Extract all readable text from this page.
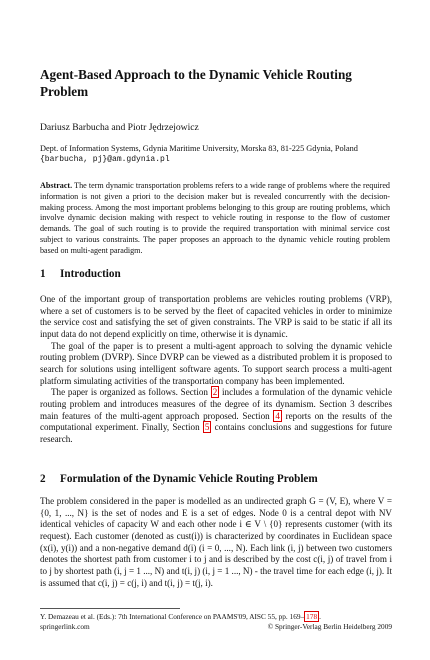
Agent-Based Approach to the Dynamic Vehicle Routing Problem
Dariusz Barbucha and Piotr Jędrzejowicz
Dept. of Information Systems, Gdynia Maritime University, Morska 83, 81-225 Gdynia, Poland
{barbucha, pj}@am.gdynia.pl
Abstract. The term dynamic transportation problems refers to a wide range of problems where the required information is not given a priori to the decision maker but is revealed concurrently with the decision-making process. Among the most important problems belonging to this group are routing problems, which involve dynamic decision making with respect to vehicle routing in response to the flow of customer demands. The goal of such routing is to provide the required transportation with minimal service cost subject to various constraints. The paper proposes an approach to the dynamic vehicle routing problem based on multi-agent paradigm.
1 Introduction

One of the important group of transportation problems are vehicles routing problems (VRP), where a set of customers is to be served by the fleet of capacited vehicles in order to minimize the service cost and satisfying the set of given constraints. The VRP is said to be static if all its input data do not depend explicitly on time, otherwise it is dynamic.

The goal of the paper is to present a multi-agent approach to solving the dynamic vehicle routing problem (DVRP). Since DVRP can be viewed as a distributed problem it is proposed to search for solutions using intelligent software agents. To support search process a multi-agent platform simulating activities of the transportation company has been implemented.

The paper is organized as follows. Section 2 includes a formulation of the dynamic vehicle routing problem and introduces measures of the degree of its dynamism. Section 3 describes main features of the multi-agent approach proposed. Section 4 reports on the results of the computational experiment. Finally, Section 5 contains conclusions and suggestions for future research.

2 Formulation of the Dynamic Vehicle Routing Problem

The problem considered in the paper is modelled as an undirected graph G = (V, E), where V = {0, 1, ..., N} is the set of nodes and E is a set of edges. Node 0 is a central depot with NV identical vehicles of capacity W and each other node i ∈ V \ {0} represents customer (with its request). Each customer (denoted as cust(i)) is characterized by coordinates in Euclidean space (x(i), y(i)) and a non-negative demand d(i) (i = 0, ..., N). Each link (i, j) between two customers denotes the shortest path from customer i to j and is described by the cost c(i, j) of travel from i to j by shortest path (i, j = 1 ..., N) and t(i, j) (i, j = 1 ..., N) - the travel time for each edge (i, j). It is assumed that c(i, j) = c(j, i) and t(i, j) = t(j, i).

Y. Demazeau et al. (Eds.): 7th International Conference on PAAMS'09, AISC 55, pp. 169– 178 .
springerlink.com	© Springer-Verlag Berlin Heidelberg 2009
